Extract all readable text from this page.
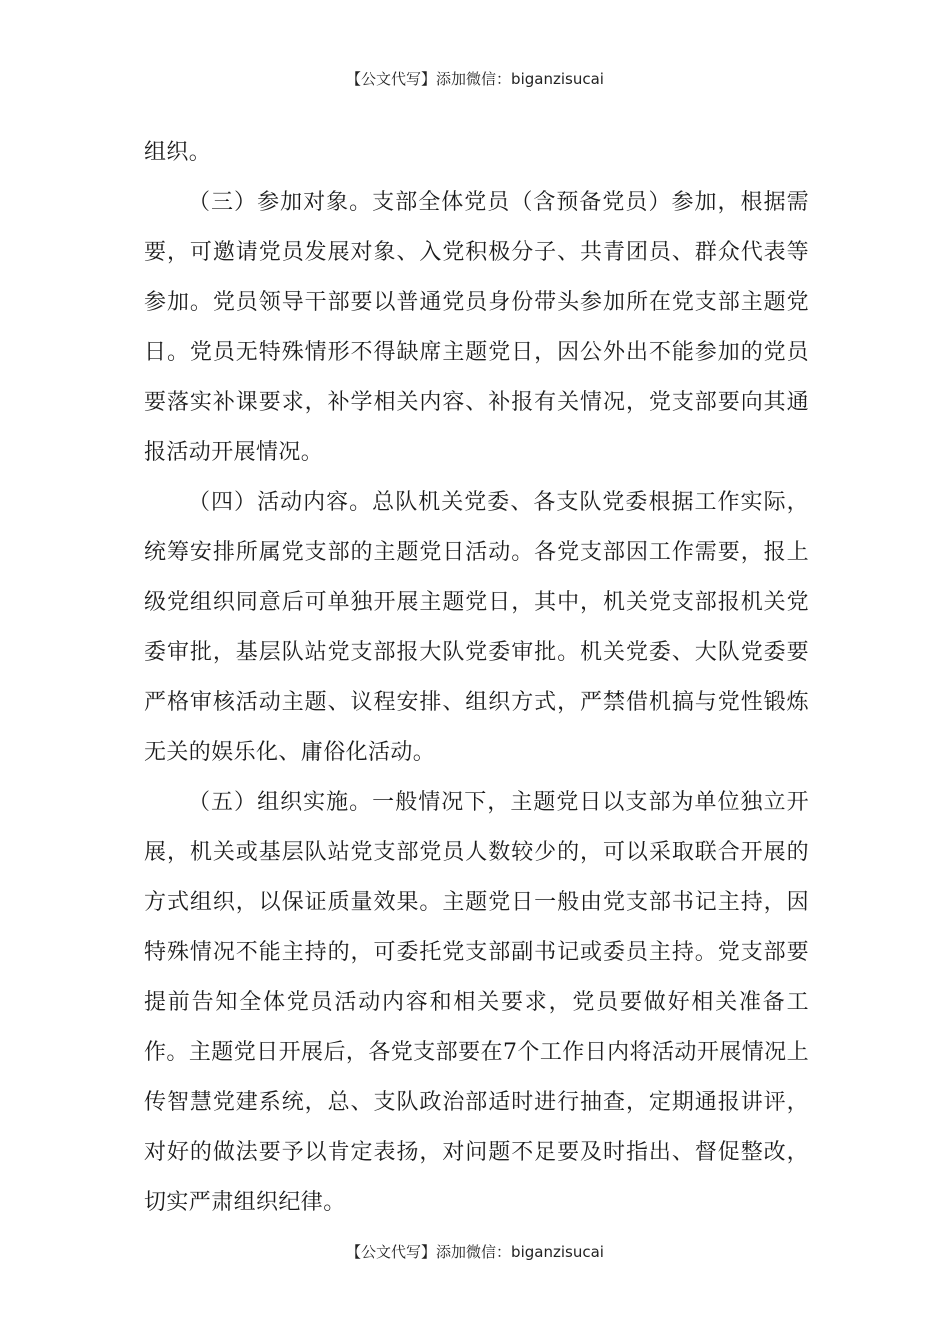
【公文代写】添加微信：biganzisucai

组织。

（三）参加对象。支部全体党员（含预备党员）参加，根据需要，可邀请党员发展对象、入党积极分子、共青团员、群众代表等参加。党员领导干部要以普通党员身份带头参加所在党支部主题党日。党员无特殊情形不得缺席主题党日，因公外出不能参加的党员要落实补课要求，补学相关内容、补报有关情况，党支部要向其通报活动开展情况。

（四）活动内容。总队机关党委、各支队党委根据工作实际，统筹安排所属党支部的主题党日活动。各党支部因工作需要，报上级党组织同意后可单独开展主题党日，其中，机关党支部报机关党委审批，基层队站党支部报大队党委审批。机关党委、大队党委要严格审核活动主题、议程安排、组织方式，严禁借机搞与党性锻炼无关的娱乐化、庸俗化活动。

（五）组织实施。一般情况下，主题党日以支部为单位独立开展，机关或基层队站党支部党员人数较少的，可以采取联合开展的方式组织，以保证质量效果。主题党日一般由党支部书记主持，因特殊情况不能主持的，可委托党支部副书记或委员主持。党支部要提前告知全体党员活动内容和相关要求，党员要做好相关准备工作。主题党日开展后，各党支部要在7个工作日内将活动开展情况上传智慧党建系统，总、支队政治部适时进行抽查，定期通报讲评，对好的做法要予以肯定表扬，对问题不足要及时指出、督促整改，切实严肃组织纪律。

【公文代写】添加微信：biganzisucai
